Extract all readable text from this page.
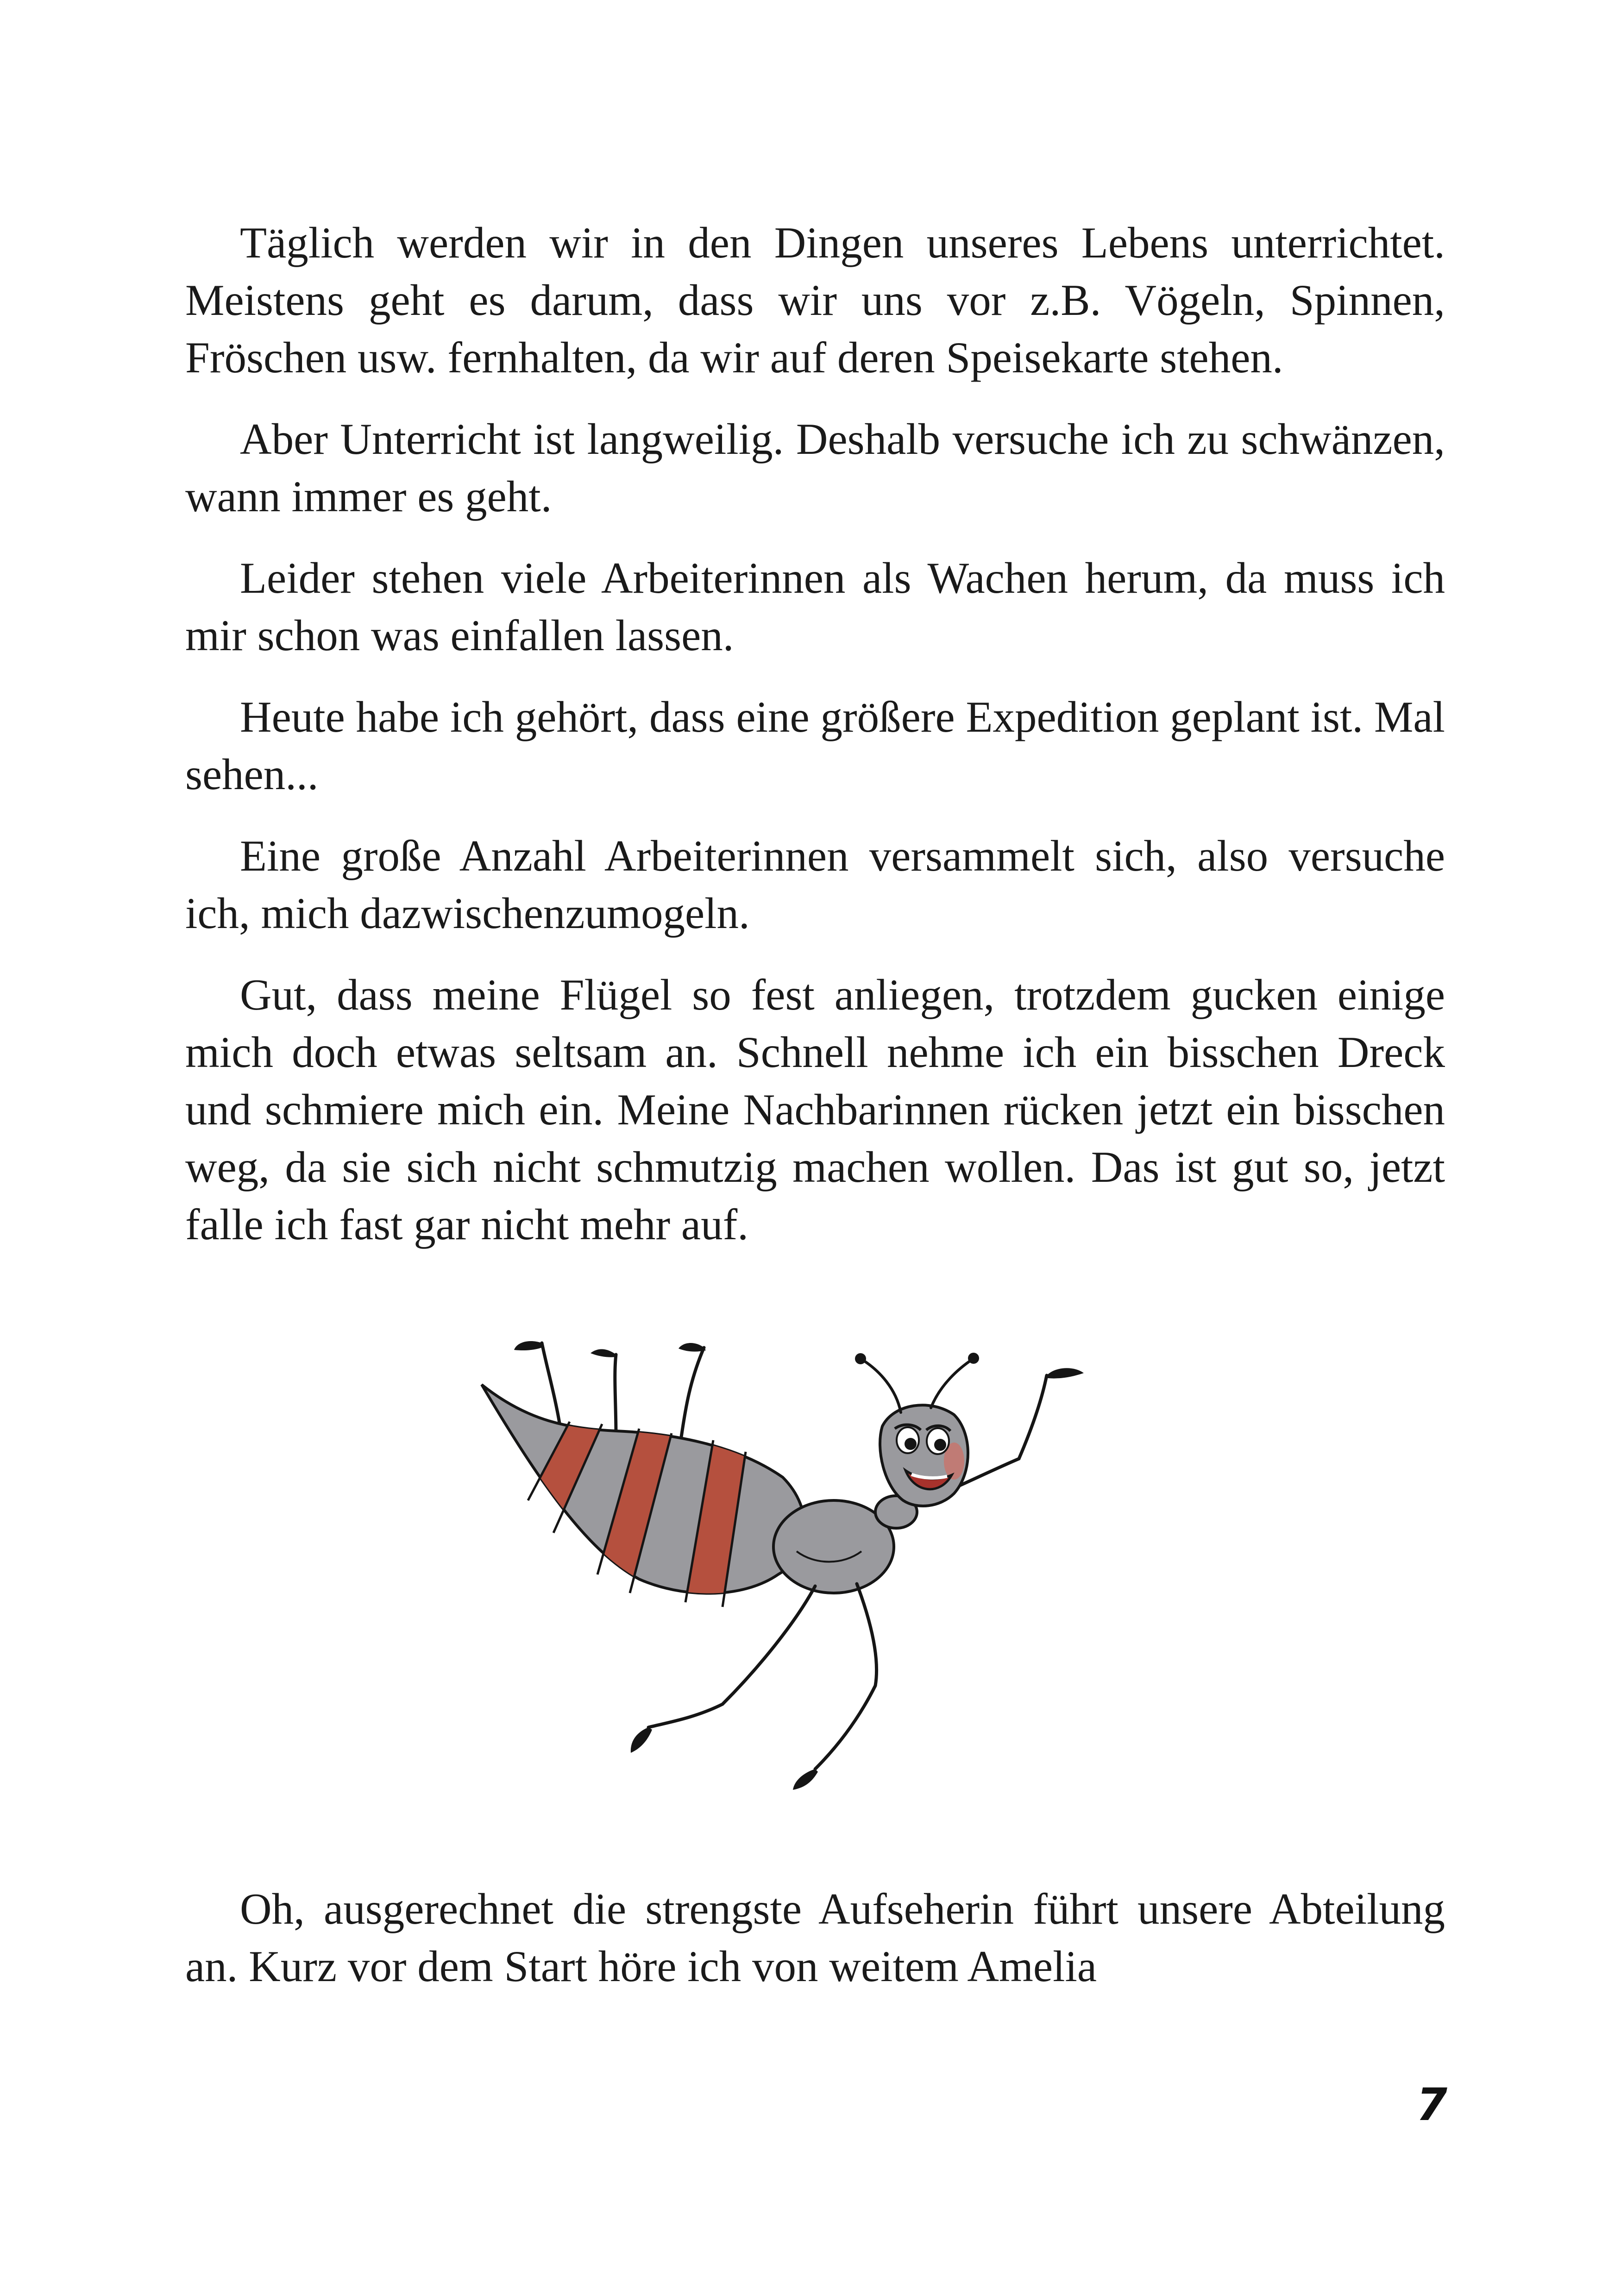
Täglich werden wir in den Dingen unseres Lebens unterrichtet. Meistens geht es darum, dass wir uns vor z.B. Vögeln, Spinnen, Fröschen usw. fernhalten, da wir auf deren Speisekarte stehen.

Aber Unterricht ist langweilig. Deshalb versuche ich zu schwänzen, wann immer es geht.

Leider stehen viele Arbeiterinnen als Wachen herum, da muss ich mir schon was einfallen lassen.

Heute habe ich gehört, dass eine größere Expedition geplant ist. Mal sehen...

Eine große Anzahl Arbeiterinnen versammelt sich, also versuche ich, mich dazwischenzumogeln.

Gut, dass meine Flügel so fest anliegen, trotzdem gucken einige mich doch etwas seltsam an. Schnell nehme ich ein bisschen Dreck und schmiere mich ein. Meine Nachbarinnen rücken jetzt ein bisschen weg, da sie sich nicht schmutzig machen wollen. Das ist gut so, jetzt falle ich fast gar nicht mehr auf.

Oh, ausgerechnet die strengste Aufseherin führt unsere Abteilung an. Kurz vor dem Start höre ich von weitem Amelia

7
